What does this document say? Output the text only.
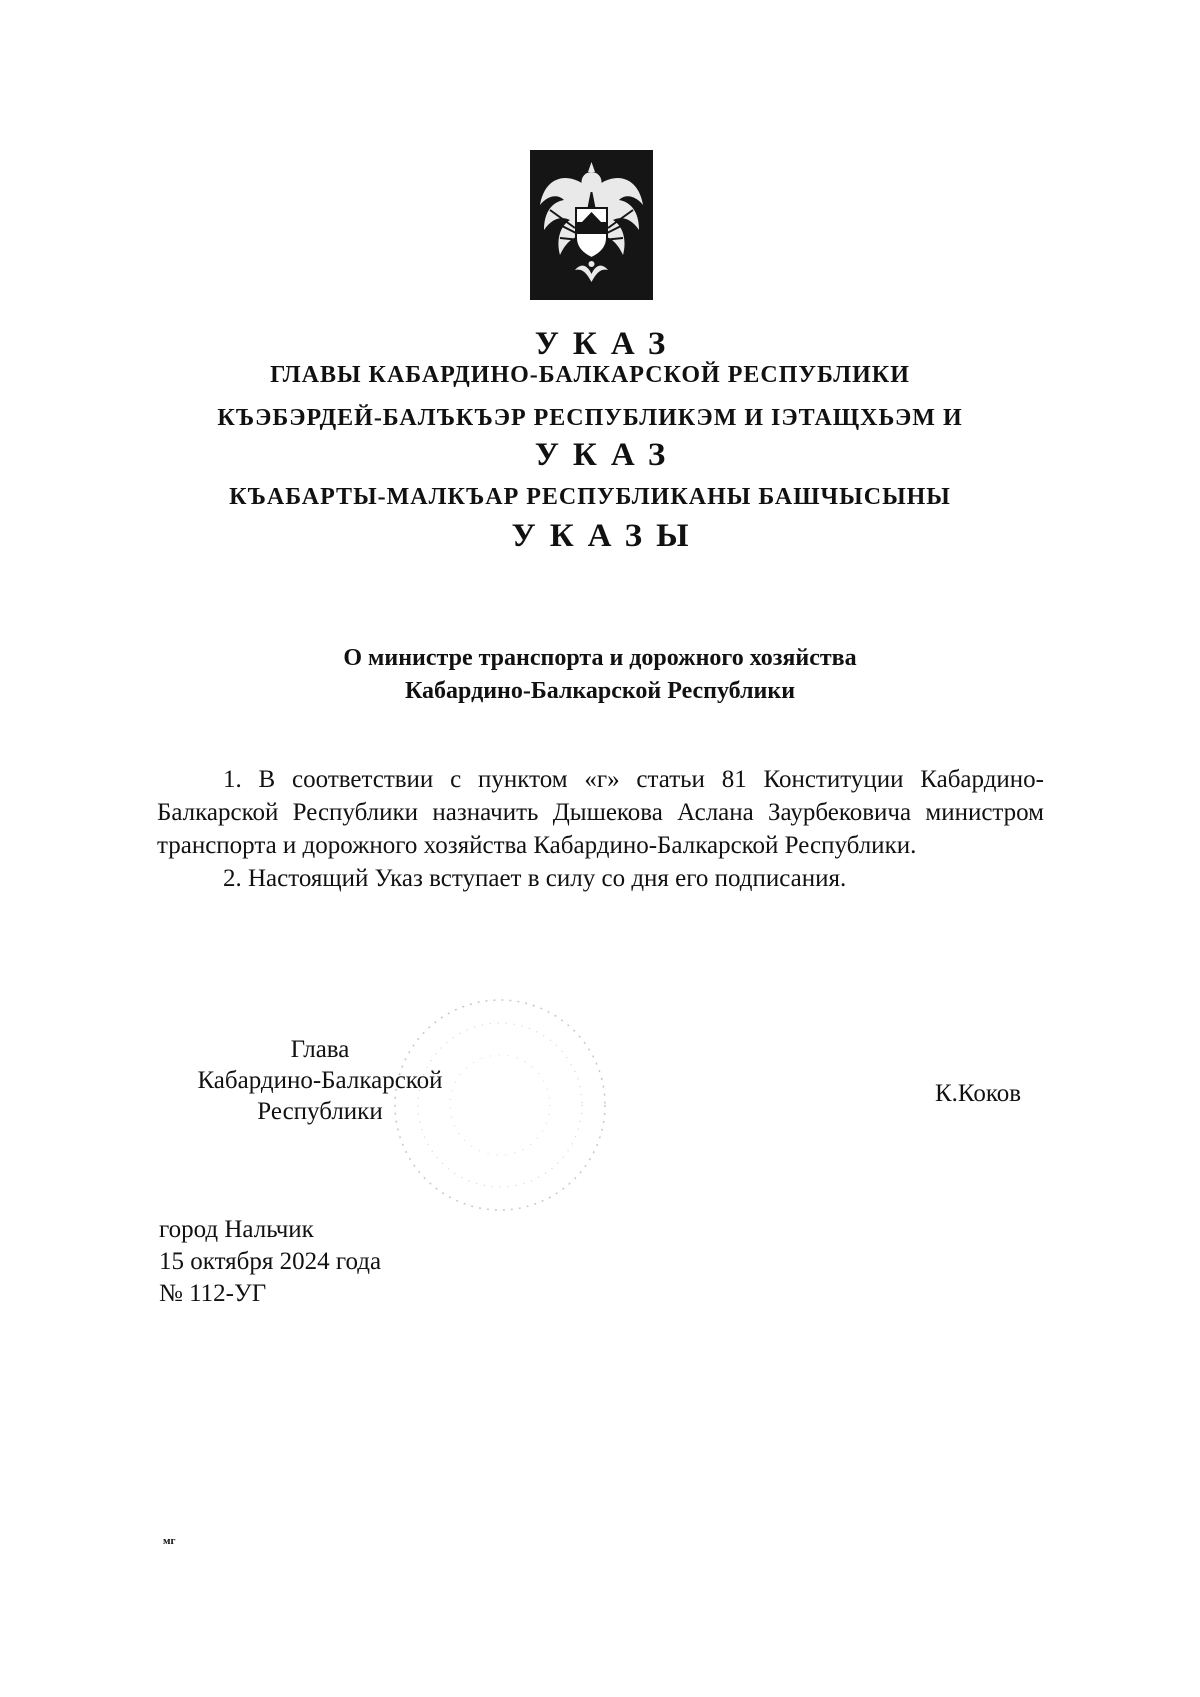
УКАЗ
ГЛАВЫ КАБАРДИНО-БАЛКАРСКОЙ РЕСПУБЛИКИ
КЪЭБЭРДЕЙ-БАЛЪКЪЭР РЕСПУБЛИКЭМ И ІЭТАЩХЬЭМ И
УКАЗ
КЪАБАРТЫ-МАЛКЪАР РЕСПУБЛИКАНЫ БАШЧЫСЫНЫ
УКАЗЫ
О министре транспорта и дорожного хозяйства
Кабардино-Балкарской Республики

1. В соответствии с пунктом «г» статьи 81 Конституции Кабардино-Балкарской Республики назначить Дышекова Аслана Заурбековича министром транспорта и дорожного хозяйства Кабардино-Балкарской Республики.

2. Настоящий Указ вступает в силу со дня его подписания.

Глава
Кабардино-Балкарской
Республики
К.Коков
город Нальчик
15 октября 2024 года
№ 112-УГ
мг
